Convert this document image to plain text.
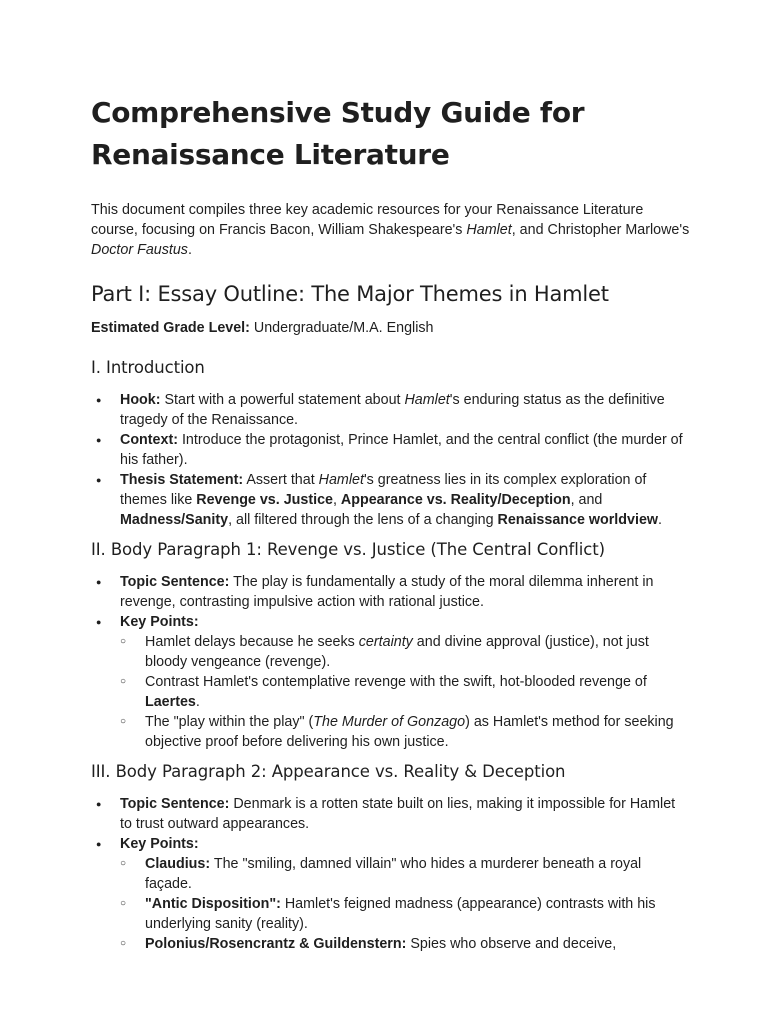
Comprehensive Study Guide for Renaissance Literature

This document compiles three key academic resources for your Renaissance Literature course, focusing on Francis Bacon, William Shakespeare's Hamlet, and Christopher Marlowe's Doctor Faustus.

Part I: Essay Outline: The Major Themes in Hamlet

Estimated Grade Level: Undergraduate/M.A. English

I. Introduction
● Hook: Start with a powerful statement about Hamlet's enduring status as the definitive tragedy of the Renaissance.
● Context: Introduce the protagonist, Prince Hamlet, and the central conflict (the murder of his father).
● Thesis Statement: Assert that Hamlet's greatness lies in its complex exploration of themes like Revenge vs. Justice, Appearance vs. Reality/Deception, and Madness/Sanity, all filtered through the lens of a changing Renaissance worldview.
II. Body Paragraph 1: Revenge vs. Justice (The Central Conflict)
● Topic Sentence: The play is fundamentally a study of the moral dilemma inherent in revenge, contrasting impulsive action with rational justice.
● Key Points:
○ Hamlet delays because he seeks certainty and divine approval (justice), not just bloody vengeance (revenge).
○ Contrast Hamlet's contemplative revenge with the swift, hot-blooded revenge of Laertes.
○ The "play within the play" (The Murder of Gonzago) as Hamlet's method for seeking objective proof before delivering his own justice.
III. Body Paragraph 2: Appearance vs. Reality & Deception
● Topic Sentence: Denmark is a rotten state built on lies, making it impossible for Hamlet to trust outward appearances.
● Key Points:
○ Claudius: The "smiling, damned villain" who hides a murderer beneath a royal façade.
○ "Antic Disposition": Hamlet's feigned madness (appearance) contrasts with his underlying sanity (reality).
○ Polonius/Rosencrantz & Guildenstern: Spies who observe and deceive,
